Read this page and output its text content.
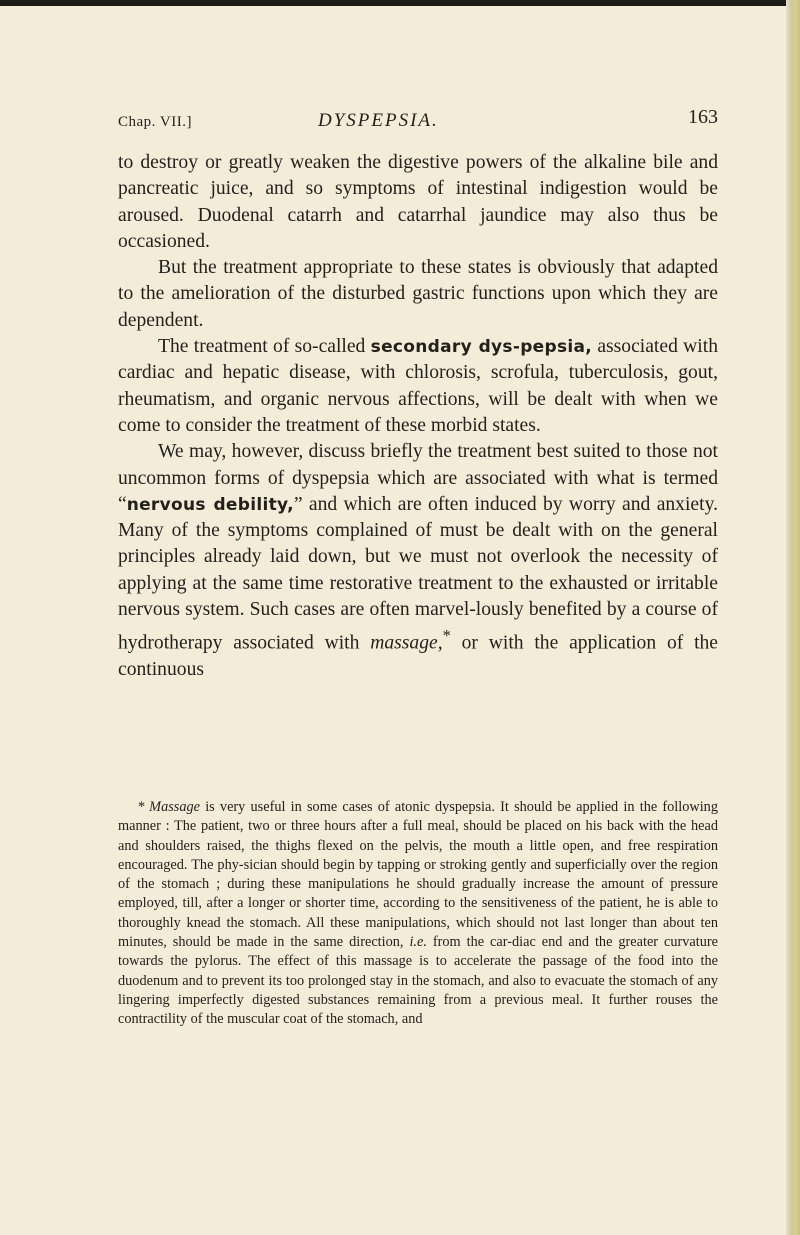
Chap. VII.]	DYSPEPSIA.	163

to destroy or greatly weaken the digestive powers of the alkaline bile and pancreatic juice, and so symptoms of intestinal indigestion would be aroused. Duodenal catarrh and catarrhal jaundice may also thus be occasioned.

But the treatment appropriate to these states is obviously that adapted to the amelioration of the disturbed gastric functions upon which they are dependent.

The treatment of so-called secondary dys-pepsia, associated with cardiac and hepatic disease, with chlorosis, scrofula, tuberculosis, gout, rheumatism, and organic nervous affections, will be dealt with when we come to consider the treatment of these morbid states.

We may, however, discuss briefly the treatment best suited to those not uncommon forms of dyspepsia which are associated with what is termed “nervous debility,” and which are often induced by worry and anxiety. Many of the symptoms complained of must be dealt with on the general principles already laid down, but we must not overlook the necessity of applying at the same time restorative treatment to the exhausted or irritable nervous system. Such cases are often marvel-lously benefited by a course of hydrotherapy associated with massage,* or with the application of the continuous

* Massage is very useful in some cases of atonic dyspepsia. It should be applied in the following manner : The patient, two or three hours after a full meal, should be placed on his back with the head and shoulders raised, the thighs flexed on the pelvis, the mouth a little open, and free respiration encouraged. The phy-sician should begin by tapping or stroking gently and superficially over the region of the stomach ; during these manipulations he should gradually increase the amount of pressure employed, till, after a longer or shorter time, according to the sensitiveness of the patient, he is able to thoroughly knead the stomach. All these manipulations, which should not last longer than about ten minutes, should be made in the same direction, i.e. from the car-diac end and the greater curvature towards the pylorus. The effect of this massage is to accelerate the passage of the food into the duodenum and to prevent its too prolonged stay in the stomach, and also to evacuate the stomach of any lingering imperfectly digested substances remaining from a previous meal. It further rouses the contractility of the muscular coat of the stomach, and
